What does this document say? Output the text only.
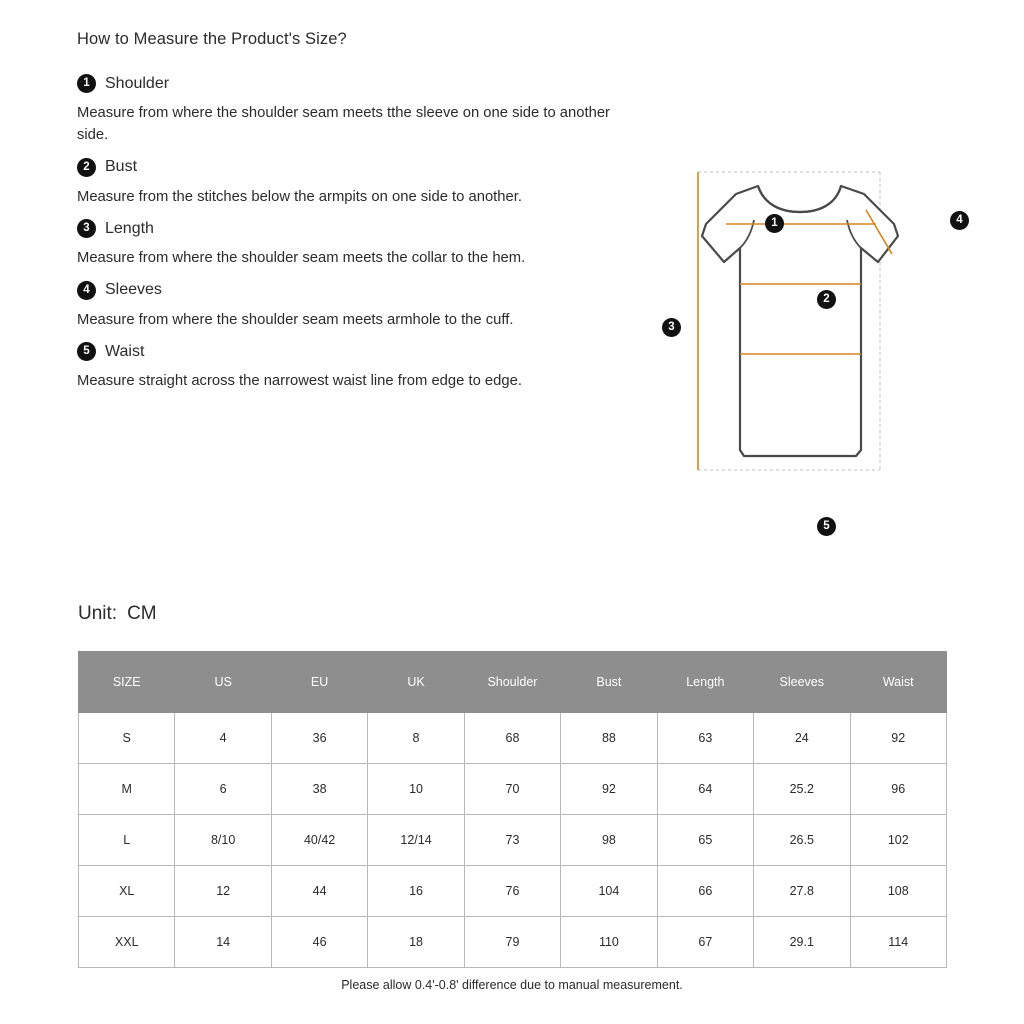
How to Measure the Product's Size?
1 Shoulder
Measure from where the shoulder seam meets tthe sleeve on one side to another side.
2 Bust
Measure from the stitches below the armpits on one side to another.
3 Length
Measure from where the shoulder seam meets the collar to the hem.
4 Sleeves
Measure from where the shoulder seam meets armhole to the cuff.
5 Waist
Measure straight across the narrowest waist line from edge to edge.
Unit: CM
1
2
3
4
5
SIZE	US	EU	UK	Shoulder	Bust	Length	Sleeves	Waist
S	4	36	8	68	88	63	24	92
M	6	38	10	70	92	64	25.2	96
L	8/10	40/42	12/14	73	98	65	26.5	102
XL	12	44	16	76	104	66	27.8	108
XXL	14	46	18	79	110	67	29.1	114
Please allow 0.4'-0.8' difference due to manual measurement.
